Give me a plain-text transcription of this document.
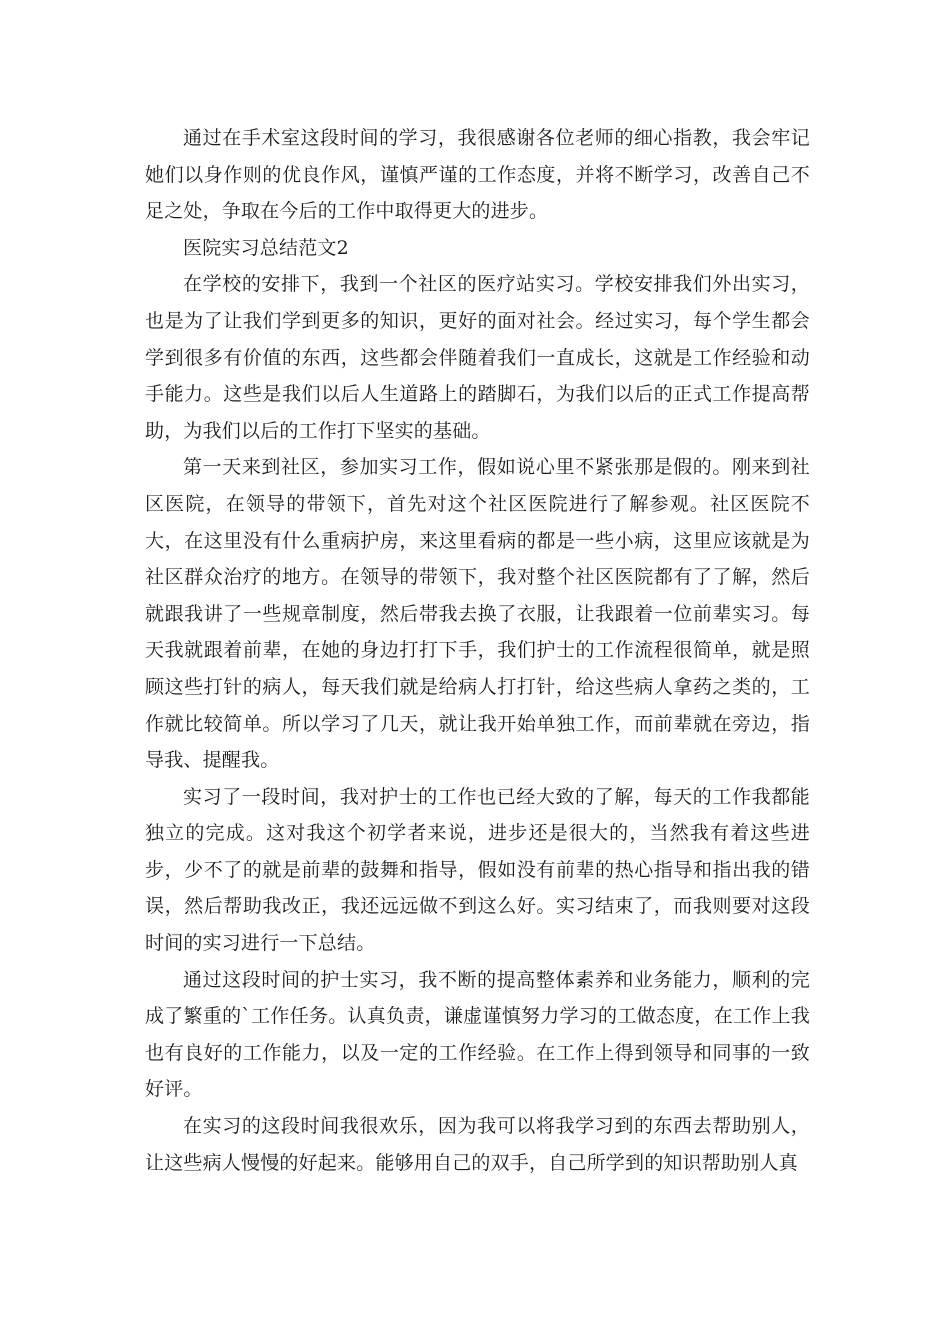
通过在手术室这段时间的学习，我很感谢各位老师的细心指教，我会牢记她们以身作则的优良作风，谨慎严谨的工作态度，并将不断学习，改善自己不足之处，争取在今后的工作中取得更大的进步。

医院实习总结范文2

在学校的安排下，我到一个社区的医疗站实习。学校安排我们外出实习，也是为了让我们学到更多的知识，更好的面对社会。经过实习，每个学生都会学到很多有价值的东西，这些都会伴随着我们一直成长，这就是工作经验和动手能力。这些是我们以后人生道路上的踏脚石，为我们以后的正式工作提高帮助，为我们以后的工作打下坚实的基础。

第一天来到社区，参加实习工作，假如说心里不紧张那是假的。刚来到社区医院，在领导的带领下，首先对这个社区医院进行了解参观。社区医院不大，在这里没有什么重病护房，来这里看病的都是一些小病，这里应该就是为社区群众治疗的地方。在领导的带领下，我对整个社区医院都有了了解，然后就跟我讲了一些规章制度，然后帯我去换了衣服，让我跟着一位前辈实习。每天我就跟着前辈，在她的身边打打下手，我们护士的工作流程很简单，就是照顾这些打针的病人，每天我们就是给病人打打针，给这些病人拿药之类的，工作就比较简单。所以学习了几天，就让我开始单独工作，而前辈就在旁边，指导我、提醒我。

实习了一段时间，我对护士的工作也已经大致的了解，每天的工作我都能独立的完成。这对我这个初学者来说，进步还是很大的，当然我有着这些进步，少不了的就是前辈的鼓舞和指导，假如没有前辈的热心指导和指出我的错误，然后帮助我改正，我还远远做不到这么好。实习结束了，而我则要对这段时间的实习进行一下总结。

通过这段时间的护士实习，我不断的提高整体素养和业务能力，顺利的完成了繁重的`工作任务。认真负责，谦虚谨慎努力学习的工做态度，在工作上我也有良好的工作能力，以及一定的工作经验。在工作上得到领导和同事的一致好评。

在实习的这段时间我很欢乐，因为我可以将我学习到的东西去帮助别人，让这些病人慢慢的好起来。能够用自己的双手，自己所学到的知识帮助别人真
